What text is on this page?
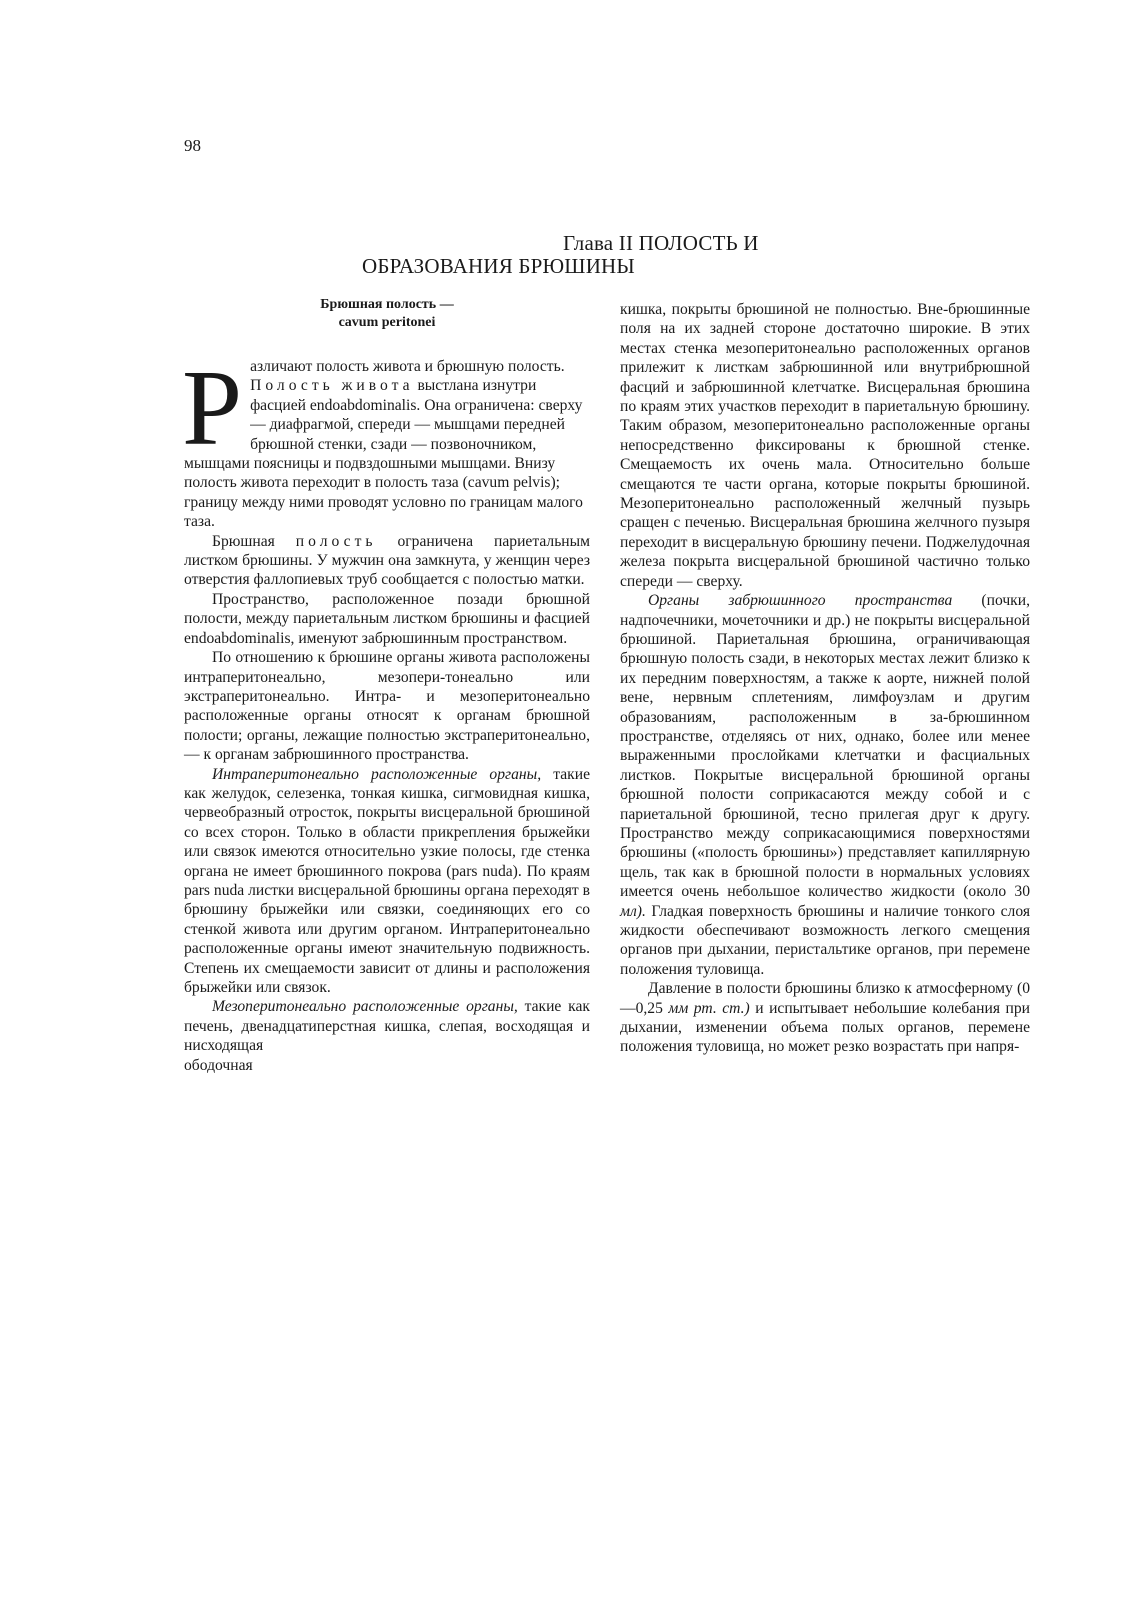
98
Глава II ПОЛОСТЬ И
ОБРАЗОВАНИЯ БРЮШИНЫ
Брюшная полость —
cavum peritonei

Различают полость живота и брюшную полость. Полость живота выстлана изнутри фасцией endoabdominalis. Она ограничена: сверху — диафрагмой, спереди — мышцами передней брюшной стенки, сзади — позвоночником, мышцами поясницы и подвздошными мышцами. Внизу полость живота переходит в полость таза (cavum pelvis); границу между ними проводят условно по границам малого таза.

Брюшная полость ограничена париетальным листком брюшины. У мужчин она замкнута, у женщин через отверстия фаллопиевых труб сообщается с полостью матки.

Пространство, расположенное позади брюшной полости, между париетальным листком брюшины и фасцией endoabdominalis, именуют забрюшинным пространством.

По отношению к брюшине органы живота расположены интраперитонеально, мезопери-тонеально или экстраперитонеально. Интра- и мезоперитонеально расположенные органы относят к органам брюшной полости; органы, лежащие полностью экстраперитонеально, — к органам забрюшинного пространства.

Интраперитонеально расположенные органы, такие как желудок, селезенка, тонкая кишка, сигмовидная кишка, червеобразный отросток, покрыты висцеральной брюшиной со всех сторон. Только в области прикрепления брыжейки или связок имеются относительно узкие полосы, где стенка органа не имеет брюшинного покрова (pars nuda). По краям pars nuda листки висцеральной брюшины органа переходят в брюшину брыжейки или связки, соединяющих его со стенкой живота или другим органом. Интраперитонеально расположенные органы имеют значительную подвижность. Степень их смещаемости зависит от длины и расположения брыжейки или связок.

Мезоперитонеально расположенные органы, такие как печень, двенадцатиперстная кишка, слепая, восходящая и нисходящая

ободочная

кишка, покрыты брюшиной не полностью. Вне-брюшинные поля на их задней стороне достаточно широкие. В этих местах стенка мезоперитонеально расположенных органов прилежит к листкам забрюшинной или внутрибрюшной фасций и забрюшинной клетчатке. Висцеральная брюшина по краям этих участков переходит в париетальную брюшину. Таким образом, мезоперитонеально расположенные органы непосредственно фиксированы к брюшной стенке. Смещаемость их очень мала. Относительно больше смещаются те части органа, которые покрыты брюшиной. Мезоперитонеально расположенный желчный пузырь сращен с печенью. Висцеральная брюшина желчного пузыря переходит в висцеральную брюшину печени. Поджелудочная железа покрыта висцеральной брюшиной частично только спереди — сверху.

Органы забрюшинного пространства (почки, надпочечники, мочеточники и др.) не покрыты висцеральной брюшиной. Париетальная брюшина, ограничивающая брюшную полость сзади, в некоторых местах лежит близко к их передним поверхностям, а также к аорте, нижней полой вене, нервным сплетениям, лимфоузлам и другим образованиям, расположенным в за-брюшинном пространстве, отделяясь от них, однако, более или менее выраженными прослойками клетчатки и фасциальных листков. Покрытые висцеральной брюшиной органы брюшной полости соприкасаются между собой и с париетальной брюшиной, тесно прилегая друг к другу. Пространство между соприкасающимися поверхностями брюшины («полость брюшины») представляет капиллярную щель, так как в брюшной полости в нормальных условиях имеется очень небольшое количество жидкости (около 30 мл). Гладкая поверхность брюшины и наличие тонкого слоя жидкости обеспечивают возможность легкого смещения органов при дыхании, перистальтике органов, при перемене положения туловища.

Давление в полости брюшины близко к атмосферному (0—0,25 мм рт. ст.) и испытывает небольшие колебания при дыхании, изменении объема полых органов, перемене положения туловища, но может резко возрастать при напря-
